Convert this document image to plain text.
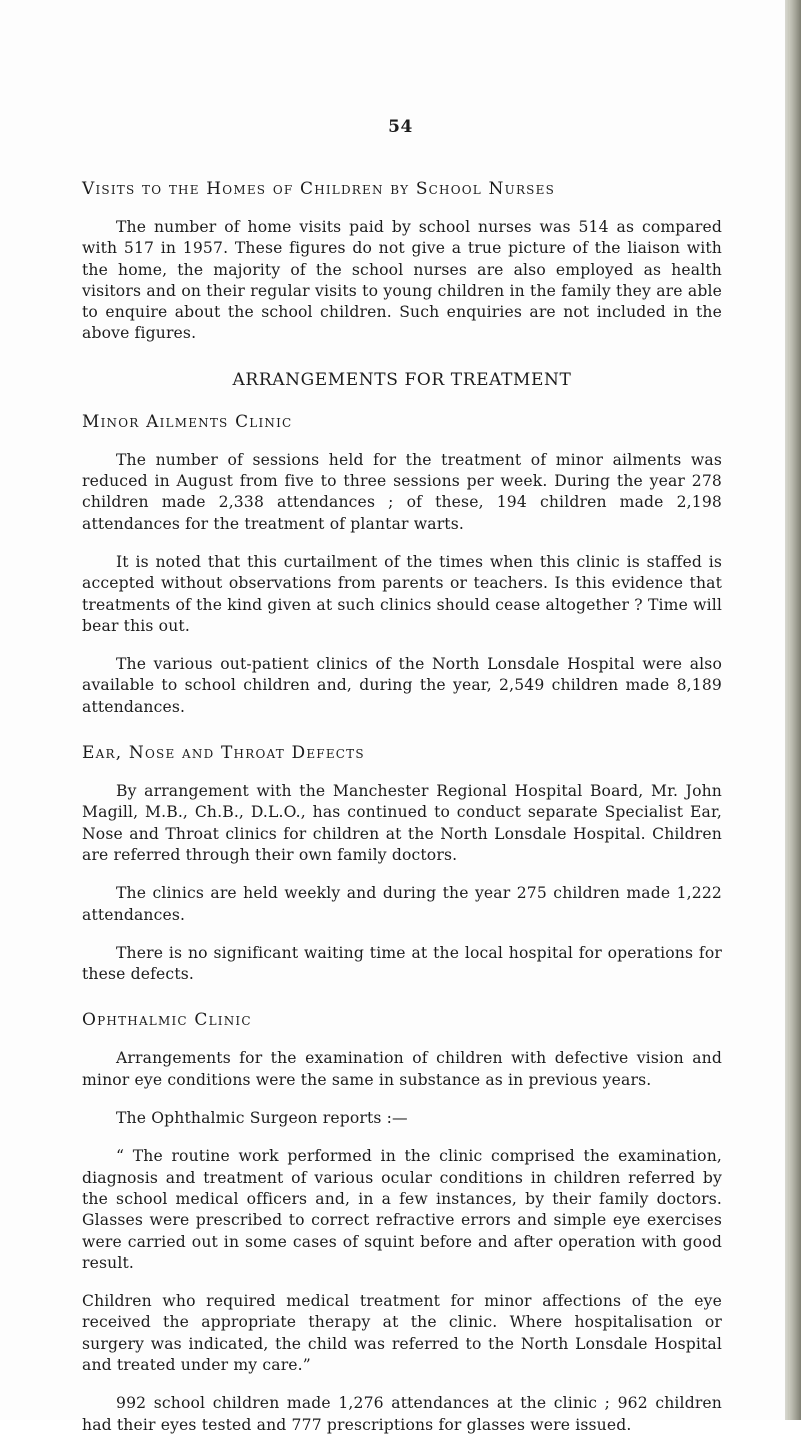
54
Visits to the Homes of Children by School Nurses

The number of home visits paid by school nurses was 514 as compared with 517 in 1957. These figures do not give a true picture of the liaison with the home, the majority of the school nurses are also employed as health visitors and on their regular visits to young children in the family they are able to enquire about the school children. Such enquiries are not included in the above figures.

ARRANGEMENTS FOR TREATMENT
Minor Ailments Clinic

The number of sessions held for the treatment of minor ailments was reduced in August from five to three sessions per week. During the year 278 children made 2,338 attendances ; of these, 194 children made 2,198 attendances for the treatment of plantar warts.

It is noted that this curtailment of the times when this clinic is staffed is accepted without observations from parents or teachers. Is this evidence that treatments of the kind given at such clinics should cease altogether ? Time will bear this out.

The various out-patient clinics of the North Lonsdale Hospital were also available to school children and, during the year, 2,549 children made 8,189 attendances.

Ear, Nose and Throat Defects

By arrangement with the Manchester Regional Hospital Board, Mr. John Magill, M.B., Ch.B., D.L.O., has continued to conduct separate Specialist Ear, Nose and Throat clinics for children at the North Lonsdale Hospital. Children are referred through their own family doctors.

The clinics are held weekly and during the year 275 children made 1,222 attendances.

There is no significant waiting time at the local hospital for operations for these defects.

Ophthalmic Clinic

Arrangements for the examination of children with defective vision and minor eye conditions were the same in substance as in previous years.

The Ophthalmic Surgeon reports :—

“ The routine work performed in the clinic comprised the examination, diagnosis and treatment of various ocular conditions in children referred by the school medical officers and, in a few instances, by their family doctors. Glasses were prescribed to correct refractive errors and simple eye exercises were carried out in some cases of squint before and after operation with good result.

Children who required medical treatment for minor affections of the eye received the appropriate therapy at the clinic. Where hospitalisation or surgery was indicated, the child was referred to the North Lonsdale Hospital and treated under my care.”

992 school children made 1,276 attendances at the clinic ; 962 children had their eyes tested and 777 prescriptions for glasses were issued.
